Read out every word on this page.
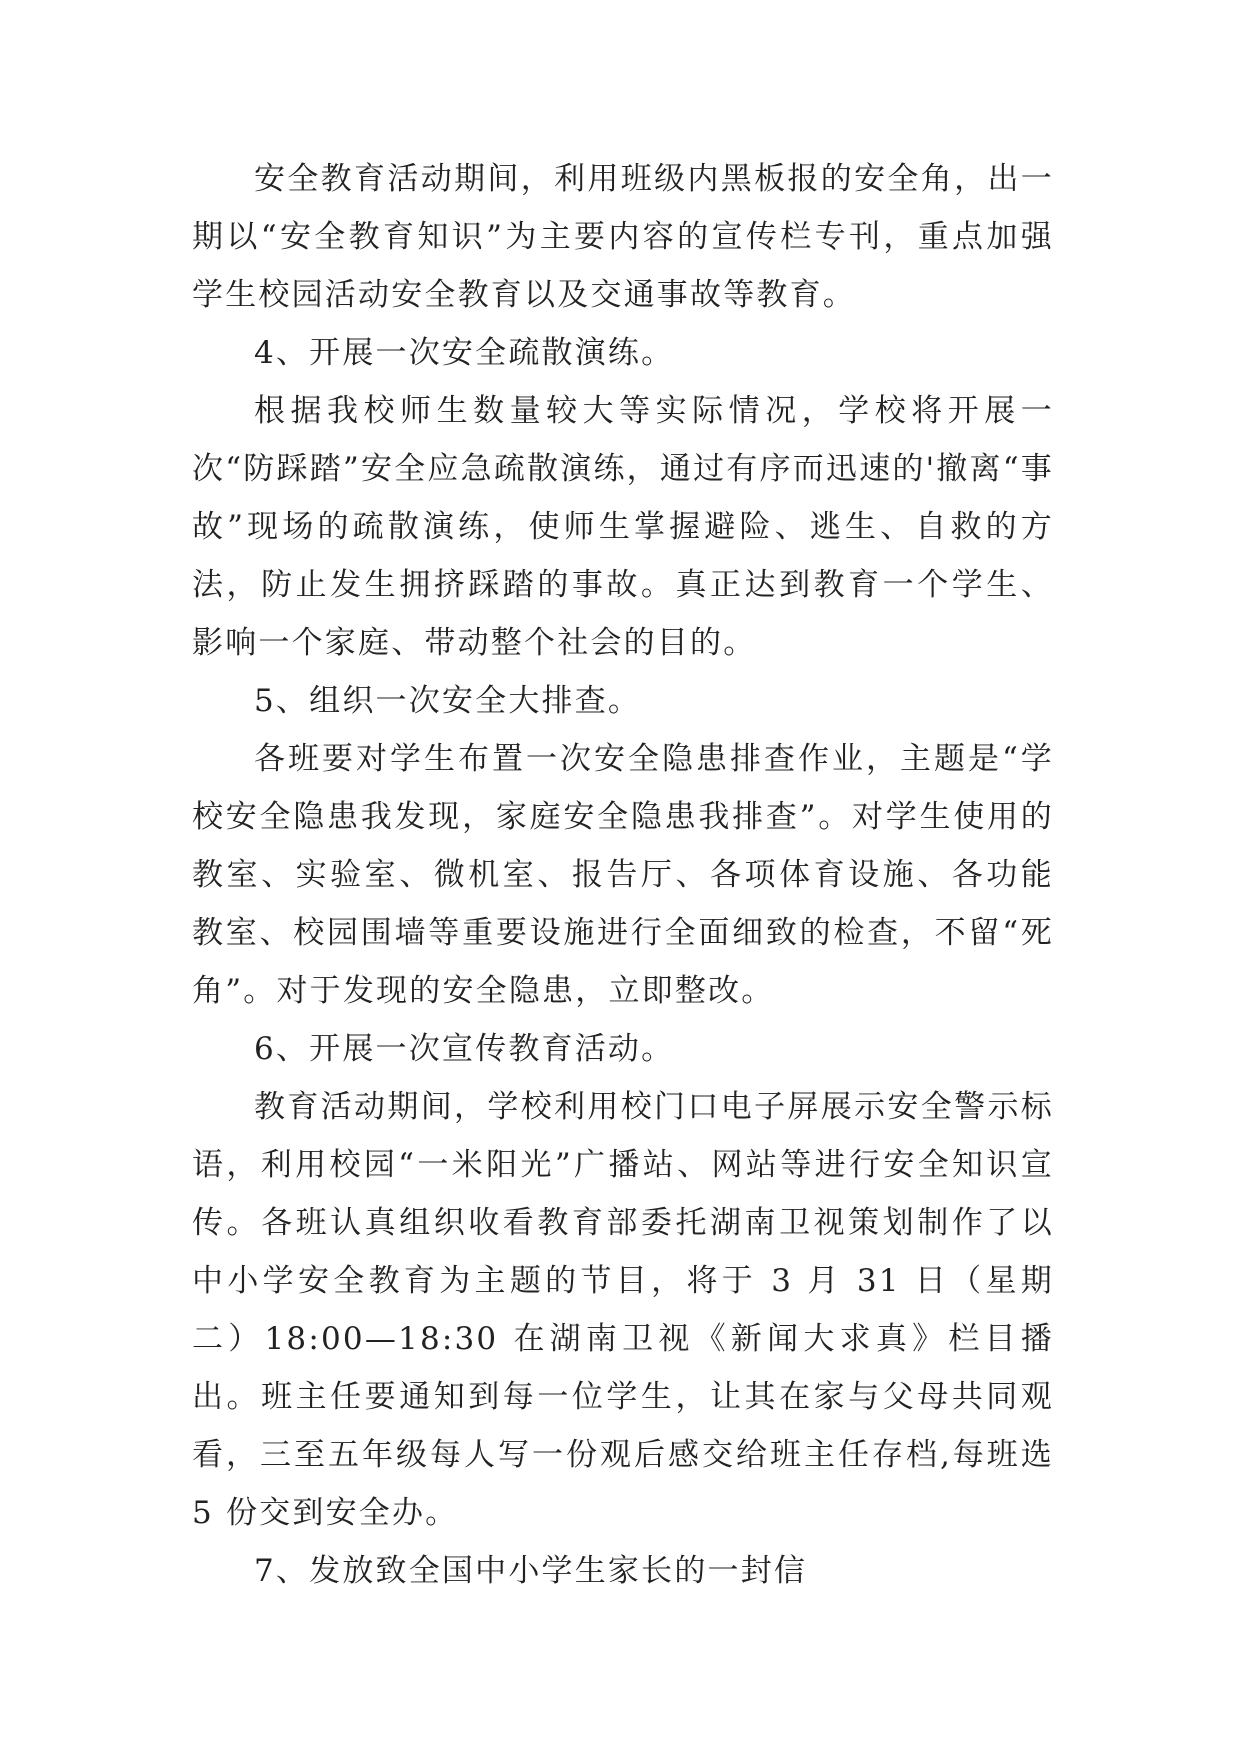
安全教育活动期间，利用班级内黑板报的安全角，出一期以“安全教育知识”为主要内容的宣传栏专刊，重点加强学生校园活动安全教育以及交通事故等教育。

4、开展一次安全疏散演练。

根据我校师生数量较大等实际情况，学校将开展一次“防踩踏”安全应急疏散演练，通过有序而迅速的'撤离“事故”现场的疏散演练，使师生掌握避险、逃生、自救的方法，防止发生拥挤踩踏的事故。真正达到教育一个学生、影响一个家庭、带动整个社会的目的。

5、组织一次安全大排查。

各班要对学生布置一次安全隐患排查作业，主题是“学校安全隐患我发现，家庭安全隐患我排查”。对学生使用的教室、实验室、微机室、报告厅、各项体育设施、各功能教室、校园围墙等重要设施进行全面细致的检查，不留“死角”。对于发现的安全隐患，立即整改。

6、开展一次宣传教育活动。

教育活动期间，学校利用校门口电子屏展示安全警示标语，利用校园“一米阳光”广播站、网站等进行安全知识宣传。各班认真组织收看教育部委托湖南卫视策划制作了以中小学安全教育为主题的节目，将于 3 月 31 日（星期二）18:00—18:30 在湖南卫视《新闻大求真》栏目播出。班主任要通知到每一位学生，让其在家与父母共同观看，三至五年级每人写一份观后感交给班主任存档,每班选 5 份交到安全办。

7、发放致全国中小学生家长的一封信
